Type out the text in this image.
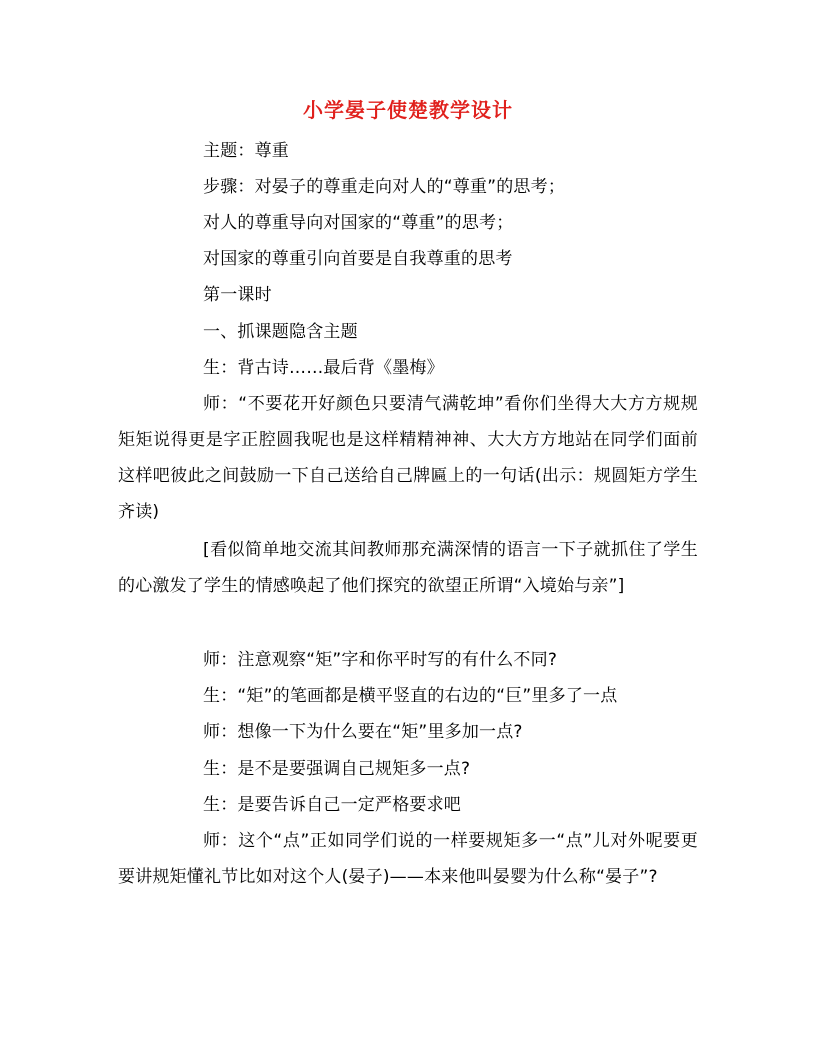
小学晏子使楚教学设计
主题：尊重
步骤：对晏子的尊重走向对人的“尊重”的思考；
对人的尊重导向对国家的“尊重”的思考；
对国家的尊重引向首要是自我尊重的思考
第一课时
一、抓课题隐含主题
生：背古诗……最后背《墨梅》
师：“不要花开好颜色只要清气满乾坤”看你们坐得大大方方规规矩矩说得更是字正腔圆我呢也是这样精精神神、大大方方地站在同学们面前这样吧彼此之间鼓励一下自己送给自己牌匾上的一句话(出示：规圆矩方学生齐读)
[看似简单地交流其间教师那充满深情的语言一下子就抓住了学生的心激发了学生的情感唤起了他们探究的欲望正所谓“入境始与亲”]
师：注意观察“矩”字和你平时写的有什么不同?
生：“矩”的笔画都是横平竖直的右边的“巨”里多了一点
师：想像一下为什么要在“矩”里多加一点?
生：是不是要强调自己规矩多一点?
生：是要告诉自己一定严格要求吧
师：这个“点”正如同学们说的一样要规矩多一“点”儿对外呢要更要讲规矩懂礼节比如对这个人(晏子)——本来他叫晏婴为什么称“晏子”?
